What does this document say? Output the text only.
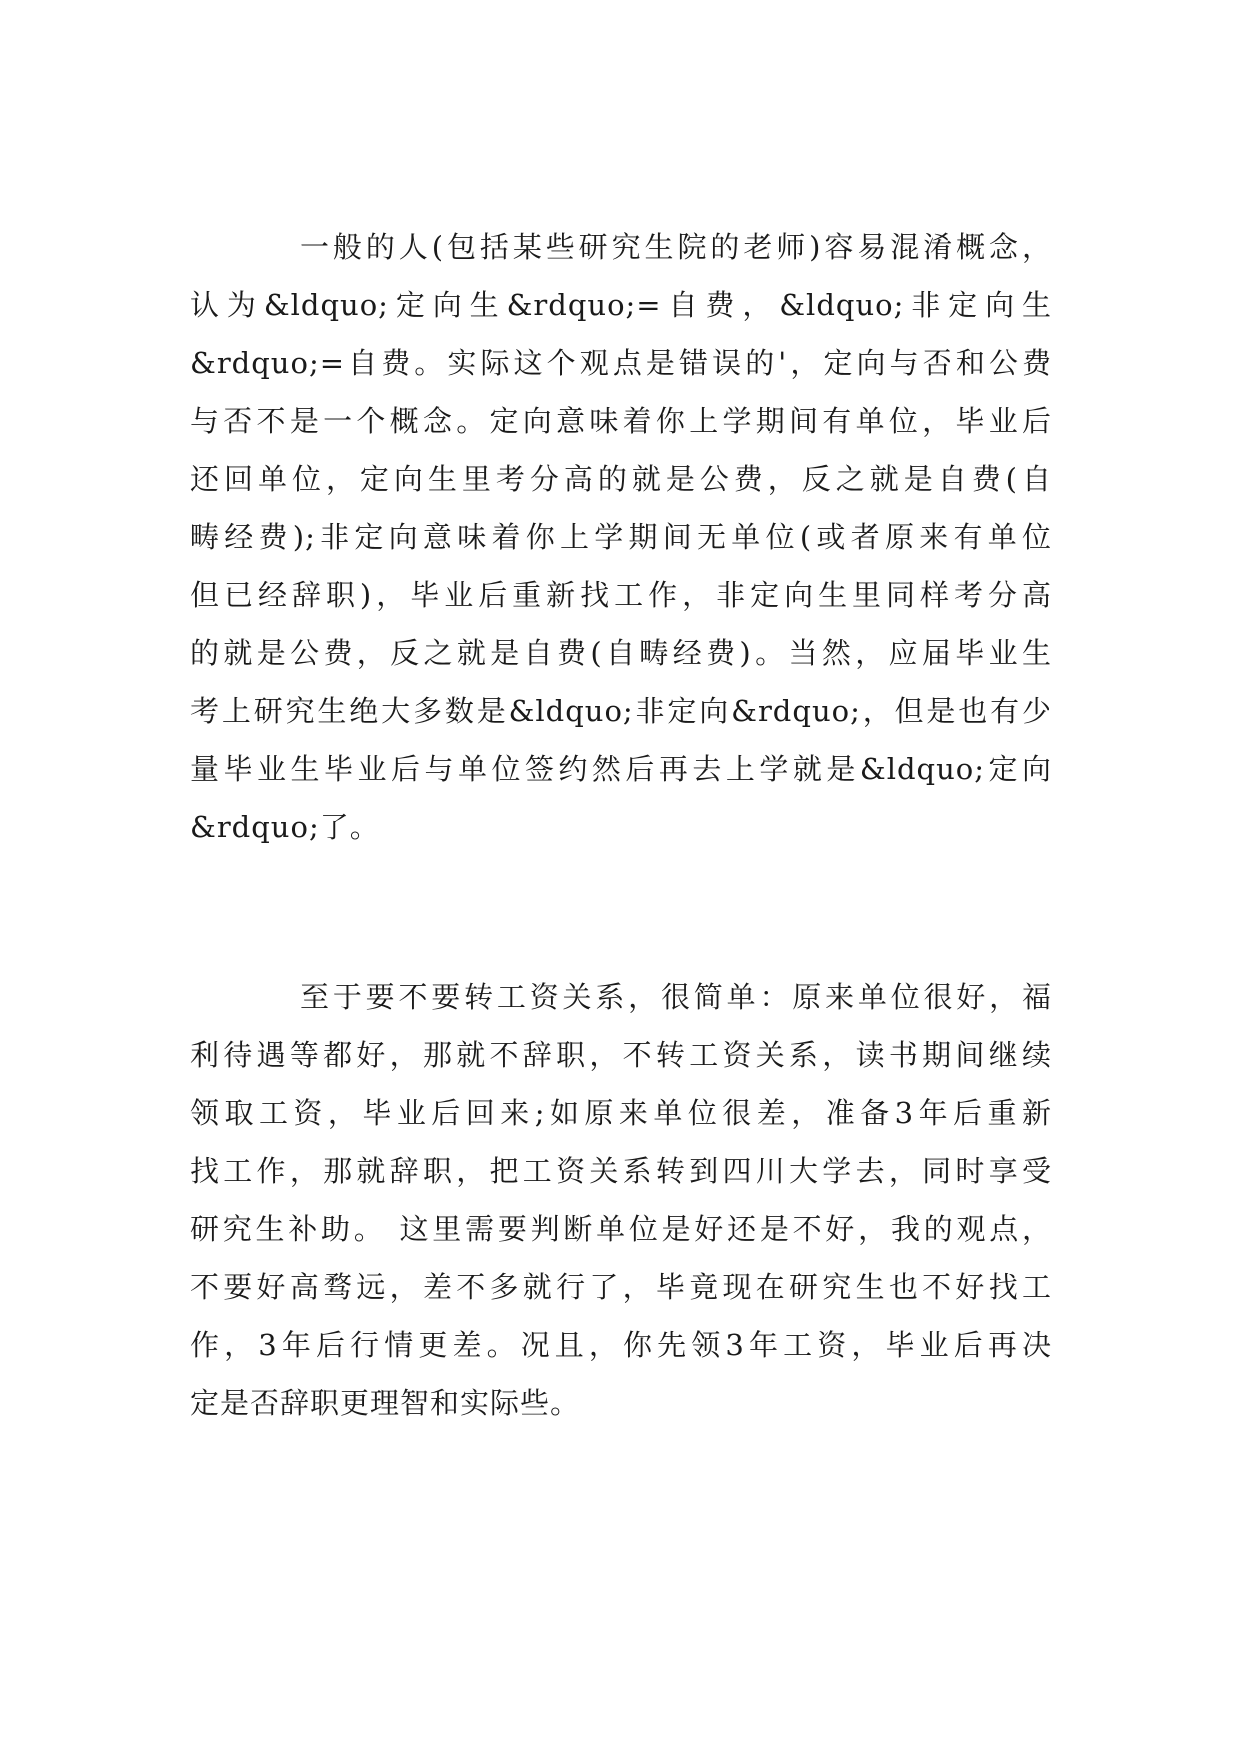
一般的人(包括某些研究生院的老师)容易混淆概念，
认为&ldquo;定向生&rdquo;=自费，&ldquo;非定向生
&rdquo;=自费。实际这个观点是错误的'，定向与否和公费
与否不是一个概念。定向意味着你上学期间有单位，毕业后
还回单位，定向生里考分高的就是公费，反之就是自费(自
畴经费);非定向意味着你上学期间无单位(或者原来有单位
但已经辞职)，毕业后重新找工作，非定向生里同样考分高
的就是公费，反之就是自费(自畴经费)。当然，应届毕业生
考上研究生绝大多数是&ldquo;非定向&rdquo;，但是也有少
量毕业生毕业后与单位签约然后再去上学就是&ldquo;定向
&rdquo;了。
至于要不要转工资关系，很简单：原来单位很好，福
利待遇等都好，那就不辞职，不转工资关系，读书期间继续
领取工资，毕业后回来;如原来单位很差，准备3年后重新
找工作，那就辞职，把工资关系转到四川大学去，同时享受
研究生补助。 这里需要判断单位是好还是不好，我的观点，
不要好高骛远，差不多就行了，毕竟现在研究生也不好找工
作，3年后行情更差。况且，你先领3年工资，毕业后再决
定是否辞职更理智和实际些。
